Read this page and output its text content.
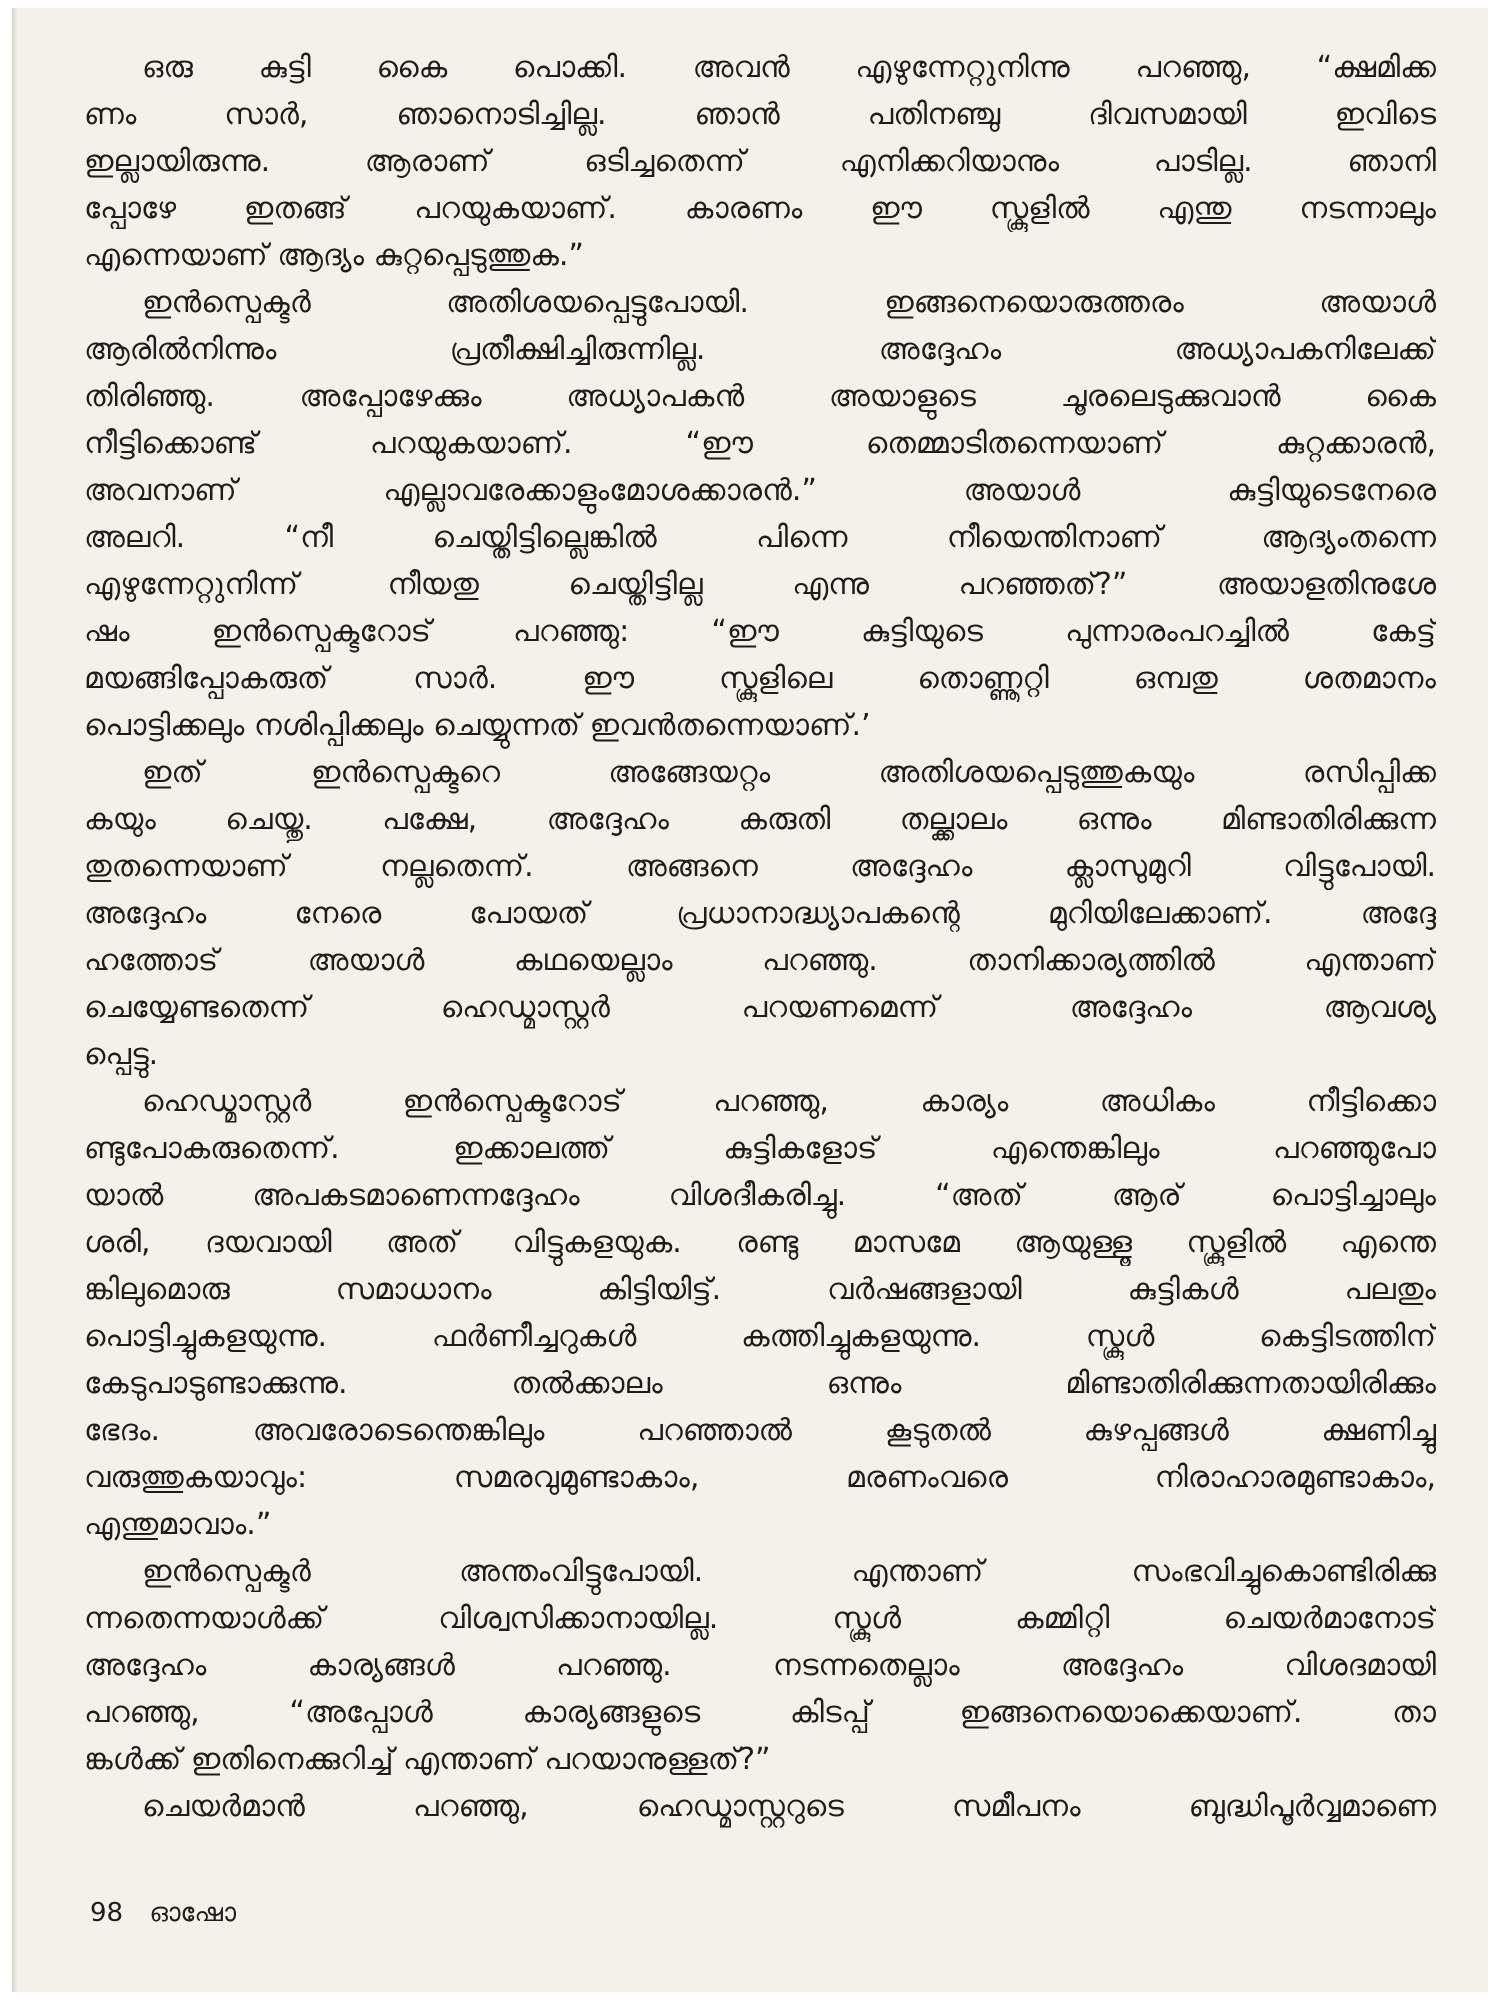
ഒരു കുട്ടി കൈ പൊക്കി. അവൻ എഴുന്നേറ്റുനിന്നു പറഞ്ഞു, “ക്ഷമിക്ക
ണം സാർ, ഞാനൊടിച്ചില്ല. ഞാൻ പതിനഞ്ചു ദിവസമായി ഇവിടെ
ഇല്ലായിരുന്നു. ആരാണ് ഒടിച്ചതെന്ന് എനിക്കറിയാനും പാടില്ല. ഞാനി
പ്പോഴേ ഇതങ്ങ് പറയുകയാണ്. കാരണം ഈ സ്കൂളിൽ എന്തു നടന്നാലും
എന്നെയാണ് ആദ്യം കുറ്റപ്പെടുത്തുക.”
ഇൻസ്പെക്ടർ അതിശയപ്പെട്ടുപോയി. ഇങ്ങനെയൊരുത്തരം അയാൾ
ആരിൽനിന്നും പ്രതീക്ഷിച്ചിരുന്നില്ല. അദ്ദേഹം അധ്യാപകനിലേക്ക്
തിരിഞ്ഞു. അപ്പോഴേക്കും അധ്യാപകൻ അയാളുടെ ചൂരലെടുക്കുവാൻ കൈ
നീട്ടിക്കൊണ്ട് പറയുകയാണ്. “ഈ തെമ്മാടിതന്നെയാണ് കുറ്റക്കാരൻ,
അവനാണ് എല്ലാവരേക്കാളുംമോശക്കാരൻ.” അയാൾ കുട്ടിയുടെനേരെ
അലറി. “നീ ചെയ്തിട്ടില്ലെങ്കിൽ പിന്നെ നീയെന്തിനാണ് ആദ്യംതന്നെ
എഴുന്നേറ്റുനിന്ന് നീയതു ചെയ്തിട്ടില്ല എന്നു പറഞ്ഞത്?” അയാളതിനുശേ
ഷം ഇൻസ്പെക്ടറോട് പറഞ്ഞു: “ഈ കുട്ടിയുടെ പുന്നാരംപറച്ചിൽ കേട്ട്
മയങ്ങിപ്പോകരുത് സാർ. ഈ സ്കൂളിലെ തൊണ്ണൂറ്റി ഒമ്പതു ശതമാനം
പൊട്ടിക്കലും നശിപ്പിക്കലും ചെയ്യുന്നത് ഇവൻതന്നെയാണ്.’
ഇത് ഇൻസ്പെക്ടറെ അങ്ങേയറ്റം അതിശയപ്പെടുത്തുകയും രസിപ്പിക്ക
കയും ചെയ്തു. പക്ഷേ, അദ്ദേഹം കരുതി തല്ക്കാലം ഒന്നും മിണ്ടാതിരിക്കുന്ന
തുതന്നെയാണ് നല്ലതെന്ന്. അങ്ങനെ അദ്ദേഹം ക്ലാസുമുറി വിട്ടുപോയി.
അദ്ദേഹം നേരെ പോയത് പ്രധാനാദ്ധ്യാപകന്റെ മുറിയിലേക്കാണ്. അദ്ദേ
ഹത്തോട് അയാൾ കഥയെല്ലാം പറഞ്ഞു. താനിക്കാര്യത്തിൽ എന്താണ്
ചെയ്യേണ്ടതെന്ന് ഹെഡ്മാസ്റ്റർ പറയണമെന്ന് അദ്ദേഹം ആവശ്യ
പ്പെട്ടു.
ഹെഡ്മാസ്റ്റർ ഇൻസ്പെക്ടറോട് പറഞ്ഞു, കാര്യം അധികം നീട്ടിക്കൊ
ണ്ടുപോകരുതെന്ന്. ഇക്കാലത്ത് കുട്ടികളോട് എന്തെങ്കിലും പറഞ്ഞുപോ
യാൽ അപകടമാണെന്നദ്ദേഹം വിശദീകരിച്ചു. “അത് ആര് പൊട്ടിച്ചാലും
ശരി, ദയവായി അത് വിട്ടുകളയുക. രണ്ടു മാസമേ ആയുള്ളൂ സ്കൂളിൽ എന്തെ
ങ്കിലുമൊരു സമാധാനം കിട്ടിയിട്ട്. വർഷങ്ങളായി കുട്ടികൾ പലതും
പൊട്ടിച്ചുകളയുന്നു. ഫർണീച്ചറുകൾ കത്തിച്ചുകളയുന്നു. സ്കൂൾ കെട്ടിടത്തിന്
കേടുപാടുണ്ടാക്കുന്നു. തൽക്കാലം ഒന്നും മിണ്ടാതിരിക്കുന്നതായിരിക്കും
ഭേദം. അവരോടെന്തെങ്കിലും പറഞ്ഞാൽ കൂടുതൽ കുഴപ്പങ്ങൾ ക്ഷണിച്ചു
വരുത്തുകയാവും: സമരവുമുണ്ടാകാം, മരണംവരെ നിരാഹാരമുണ്ടാകാം,
എന്തുമാവാം.”
ഇൻസ്പെക്ടർ അന്തംവിട്ടുപോയി. എന്താണ് സംഭവിച്ചുകൊണ്ടിരിക്കു
ന്നതെന്നയാൾക്ക് വിശ്വസിക്കാനായില്ല. സ്കൂൾ കമ്മിറ്റി ചെയർമാനോട്
അദ്ദേഹം കാര്യങ്ങൾ പറഞ്ഞു. നടന്നതെല്ലാം അദ്ദേഹം വിശദമായി
പറഞ്ഞു, “അപ്പോൾ കാര്യങ്ങളുടെ കിടപ്പ് ഇങ്ങനെയൊക്കെയാണ്. താ
ങ്കൾക്ക് ഇതിനെക്കുറിച്ച് എന്താണ് പറയാനുള്ളത്?”
ചെയർമാൻ പറഞ്ഞു, ഹെഡ്മാസ്റ്ററുടെ സമീപനം ബുദ്ധിപൂർവ്വമാണെ
98 ഓഷോ
